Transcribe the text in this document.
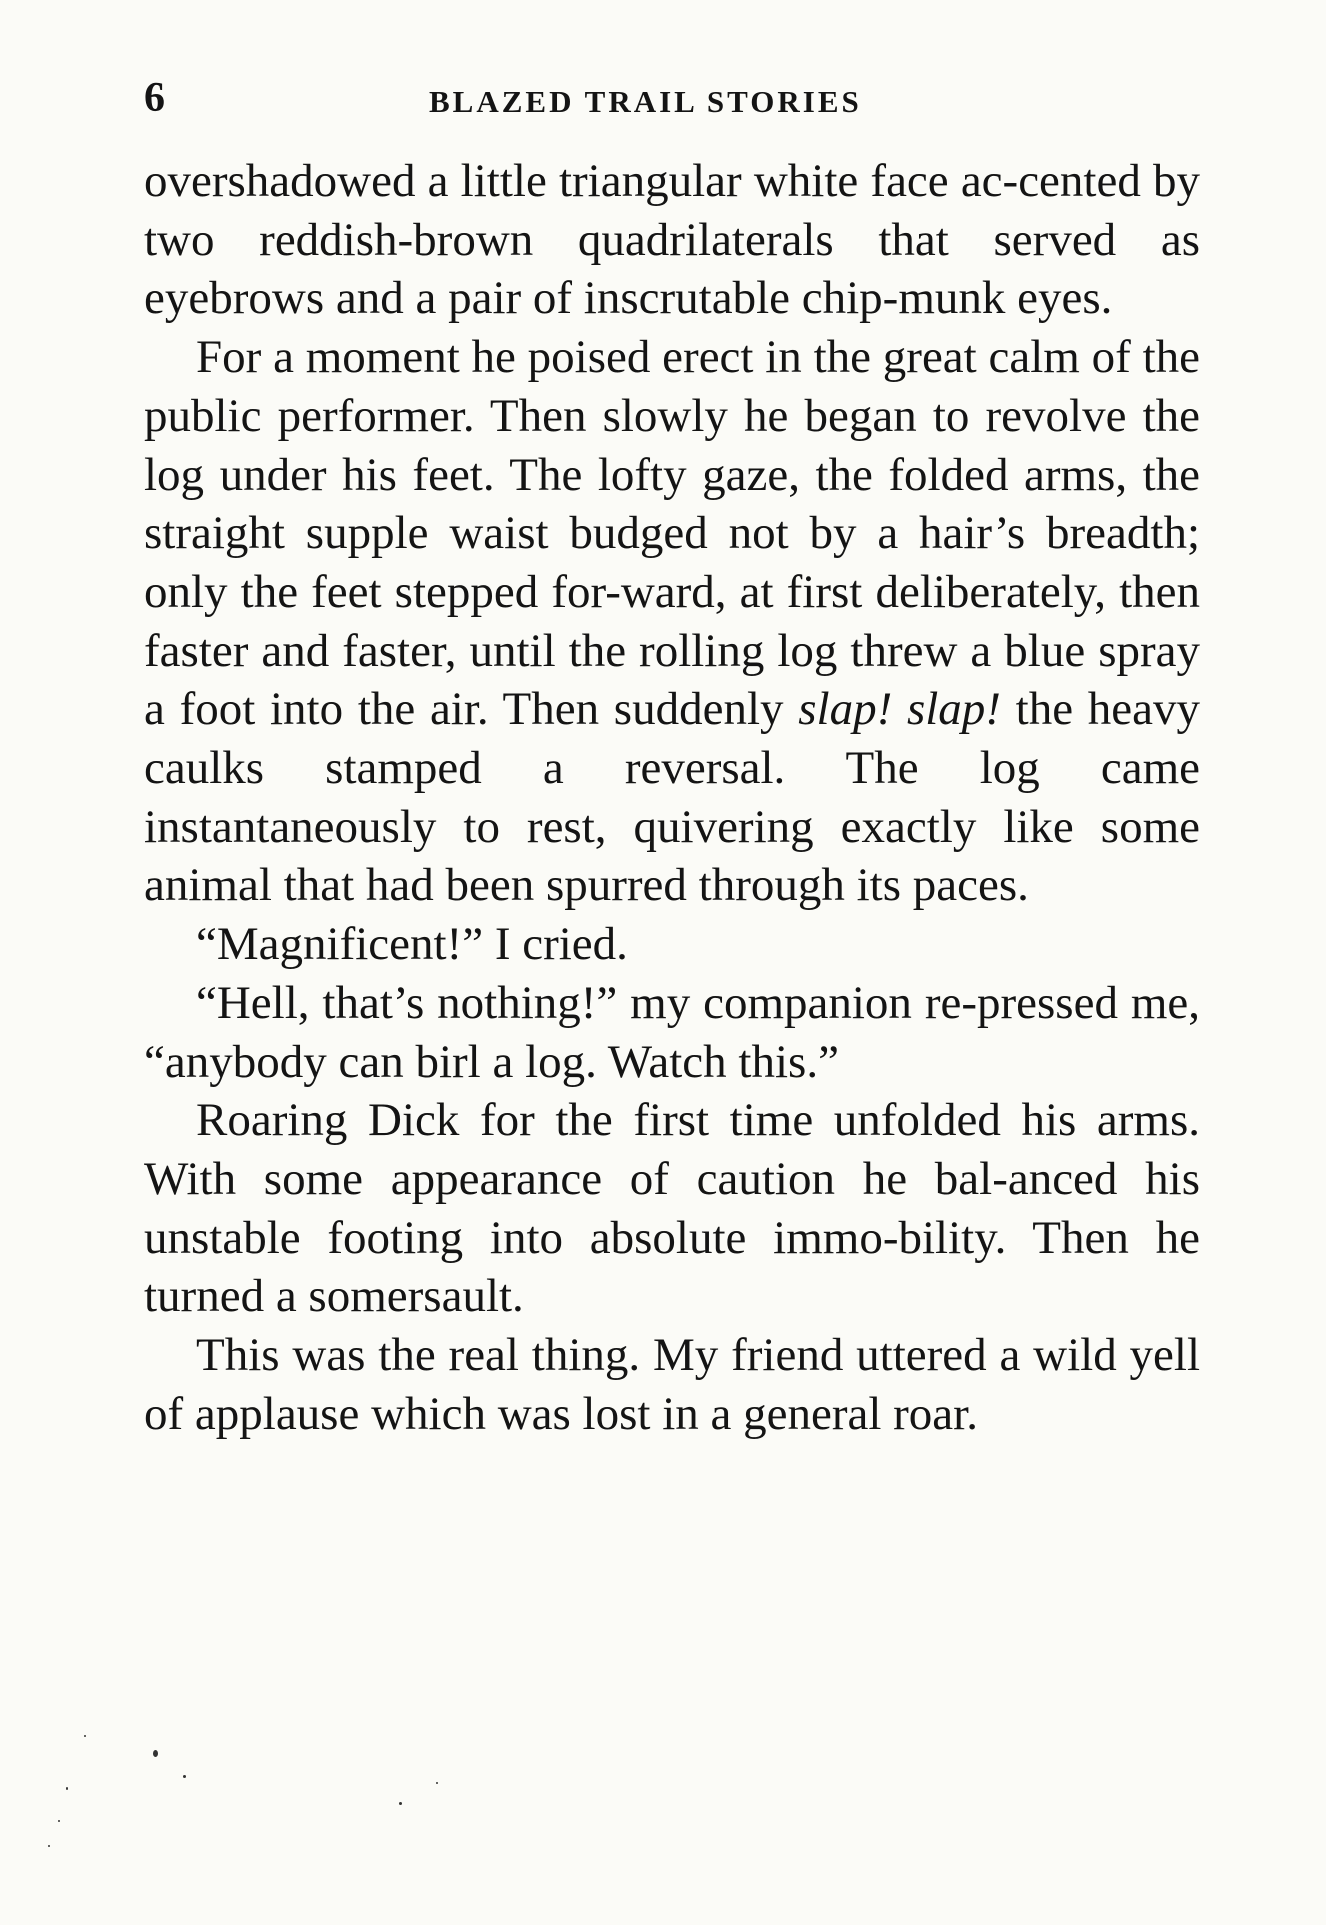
6	BLAZED TRAIL STORIES

overshadowed a little triangular white face ac-cented by two reddish-brown quadrilaterals that served as eyebrows and a pair of inscrutable chip-munk eyes.

For a moment he poised erect in the great calm of the public performer. Then slowly he began to revolve the log under his feet. The lofty gaze, the folded arms, the straight supple waist budged not by a hair’s breadth; only the feet stepped for-ward, at first deliberately, then faster and faster, until the rolling log threw a blue spray a foot into the air. Then suddenly slap! slap! the heavy caulks stamped a reversal. The log came instantaneously to rest, quivering exactly like some animal that had been spurred through its paces.

“Magnificent!” I cried.

“Hell, that’s nothing!” my companion re-pressed me, “anybody can birl a log. Watch this.”

Roaring Dick for the first time unfolded his arms. With some appearance of caution he bal-anced his unstable footing into absolute immo-bility. Then he turned a somersault.

This was the real thing. My friend uttered a wild yell of applause which was lost in a general roar.
